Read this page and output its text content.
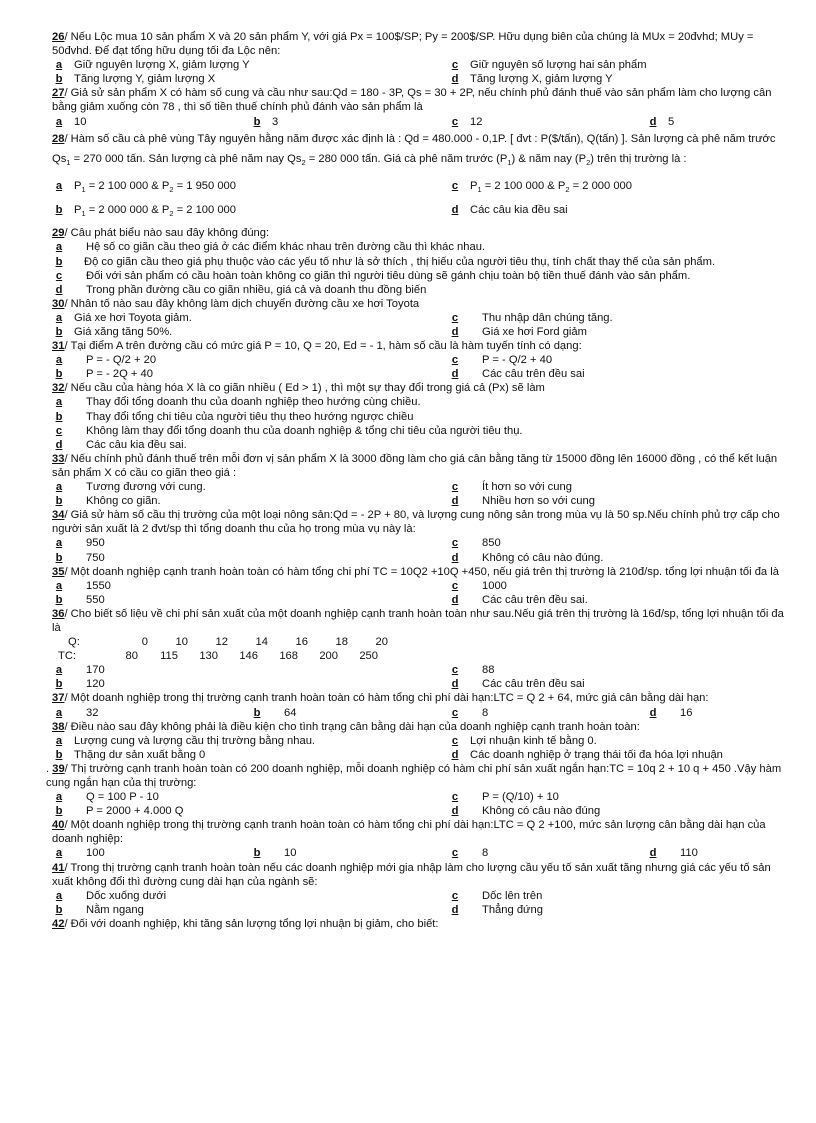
26/ Nếu Lộc mua 10 sản phẩm X và 20 sản phẩm Y, với giá Px = 100$/SP; Py = 200$/SP. Hữu dụng biên của chúng là MUx = 20đvhd; MUy = 50đvhd. Để đạt tổng hữu dụng tối đa Lộc nên:

a	Giữ nguyên lượng X, giảm lượng Y	c	Giữ nguyên số lượng hai sản phẩm
b	Tăng lượng Y, giảm lượng X	d	Tăng lượng X, giảm lượng Y

27/ Giả sử sản phẩm X có hàm số cung và cầu như sau:Qd = 180 - 3P, Qs = 30 + 2P, nếu chính phủ đánh thuế vào sản phẩm làm cho lượng cân bằng giảm xuống còn 78 , thì số tiền thuế chính phủ đánh vào sản phẩm là

a	10	b	3	c	12	d	5

28/ Hàm số cầu cà phê vùng Tây nguyên hằng năm được xác định là : Qd = 480.000 - 0,1P. [ đvt : P($/tấn), Q(tấn) ]. Sản lượng cà phê năm trước $Qs_1 = 270$ 000 tấn. Sản lượng cà phê năm nay $Qs_2 = 280$ 000 tấn. Giá cà phê năm trước $(P_1)$ & năm nay $(P_2)$ trên thị trường là :

a	$P_1 = 2$ 100 000 & $P_2 = 1$ 950 000	c	$P_1 = 2$ 100 000 & $P_2 = 2$ 000 000
b	$P_1 = 2$ 000 000 & $P_2 = 2$ 100 000	d	Các câu kia đều sai

29/ Câu phát biểu nào sau đây không đúng:

a	Hệ số co giãn cầu theo giá ở các điểm khác nhau trên đường cầu thì khác nhau.
b Độ co giãn cầu theo giá phụ thuộc vào các yếu tố như là sở thích , thị hiếu của người tiêu thụ, tính chất thay thế của sản phẩm.
c Đối với sản phẩm có cầu hoàn toàn không co giãn thì người tiêu dùng sẽ gánh chịu toàn bộ tiền thuế đánh vào sản phẩm.
d	Trong phần đường cầu co giãn nhiều, giá cả và doanh thu đồng biến

30/ Nhân tố nào sau đây không làm dịch chuyển đường cầu xe hơi Toyota

a	Giá xe hơi Toyota giảm.	c	Thu nhập dân chúng tăng.
b	Giá xăng tăng 50%.	d	Giá xe hơi Ford giảm

31/ Tại điểm A trên đường cầu có mức giá P = 10, Q = 20, Ed = - 1, hàm số cầu là hàm tuyến tính có dạng:

a	P = - Q/2 + 20	c	P = - Q/2 + 40
b	P = - 2Q + 40	d	Các câu trên đều sai

32/ Nếu cầu của hàng hóa X là co giãn nhiều ( Ed > 1) , thì một sự thay đổi trong giá cả (Px) sẽ làm

a	Thay đổi tổng doanh thu của doanh nghiệp theo hướng cùng chiều.
b	Thay đổi tổng chi tiêu của người tiêu thụ theo hướng ngược chiều
c	Không làm thay đổi tổng doanh thu của doanh nghiệp & tổng chi tiêu của người tiêu thụ.
d	Các câu kia đều sai.

33/ Nếu chính phủ đánh thuế trên mỗi đơn vị sản phẩm X là 3000 đồng làm cho giá cân bằng tăng từ 15000 đồng lên 16000 đồng , có thể kết luận sản phẩm X có cầu co giãn theo giá :

a	Tương đương với cung.	c	Ít hơn so với cung
b	Không co giãn.	d	Nhiều hơn so với cung

34/ Giả sử hàm số cầu thị trường của một loại nông sản:Qd = - 2P + 80, và lượng cung nông sản trong mùa vụ là 50 sp.Nếu chính phủ trợ cấp cho người sản xuất là 2 đvt/sp thì tổng doanh thu của họ trong mùa vụ này là:

a	950	c	850
b	750	d	Không có câu nào đúng.

35/ Một doanh nghiệp cạnh tranh hoàn toàn có hàm tổng chi phí TC = 10Q2 +10Q +450, nếu giá trên thị trường là 210đ/sp. tổng lợi nhuận tối đa là

a	1550	c	1000
b	550	d	Các câu trên đều sai.

36/ Cho biết số liệu về chi phí sản xuất của một doanh nghiệp cạnh tranh hoàn toàn như sau.Nếu giá trên thị trường là 16đ/sp, tổng lợi nhuận tối đa là

Q:	0	10	12	14	16	18	20
TC:	80	115	130	146	168	200	250
a	170	c	88
b	120	d	Các câu trên đều sai

37/ Một doanh nghiệp trong thị trường cạnh tranh hoàn toàn có hàm tổng chi phí dài hạn:LTC = Q 2 + 64, mức giá cân bằng dài hạn:

a	32	b	64	c	8	d	16

38/ Điều nào sau đây không phải là điều kiện cho tình trạng cân bằng dài hạn của doanh nghiệp cạnh tranh hoàn toàn:

a	Lượng cung và lượng cầu thị trường bằng nhau.	c	Lợi nhuận kinh tế bằng 0.
b	Thặng dư sản xuất bằng 0	d	Các doanh nghiệp ở trạng thái tối đa hóa lợi nhuận

. 39/ Thị trường cạnh tranh hoàn toàn có 200 doanh nghiệp, mỗi doanh nghiệp có hàm chi phí sản xuất ngắn hạn:TC = 10q 2 + 10 q + 450 .Vậy hàm cung ngắn hạn của thị trường:

a	Q = 100 P - 10	c	P = (Q/10) + 10
b	P = 2000 + 4.000 Q	d	Không có câu nào đúng

40/ Một doanh nghiệp trong thị trường cạnh tranh hoàn toàn có hàm tổng chi phí dài hạn:LTC = Q 2 +100, mức sản lượng cân bằng dài hạn của doanh nghiệp:

a	100	b	10	c	8	d	110

41/ Trong thị trường cạnh tranh hoàn toàn nếu các doanh nghiệp mới gia nhập làm cho lượng cầu yếu tố sản xuất tăng nhưng giá các yếu tố sản xuất không đổi thì đường cung dài hạn của ngành sẽ:

a	Dốc xuống dưới	c	Dốc lên trên
b	Nằm ngang	d	Thẳng đứng

42/ Đối với doanh nghiệp, khi tăng sản lượng tổng lợi nhuận bị giảm, cho biết:
